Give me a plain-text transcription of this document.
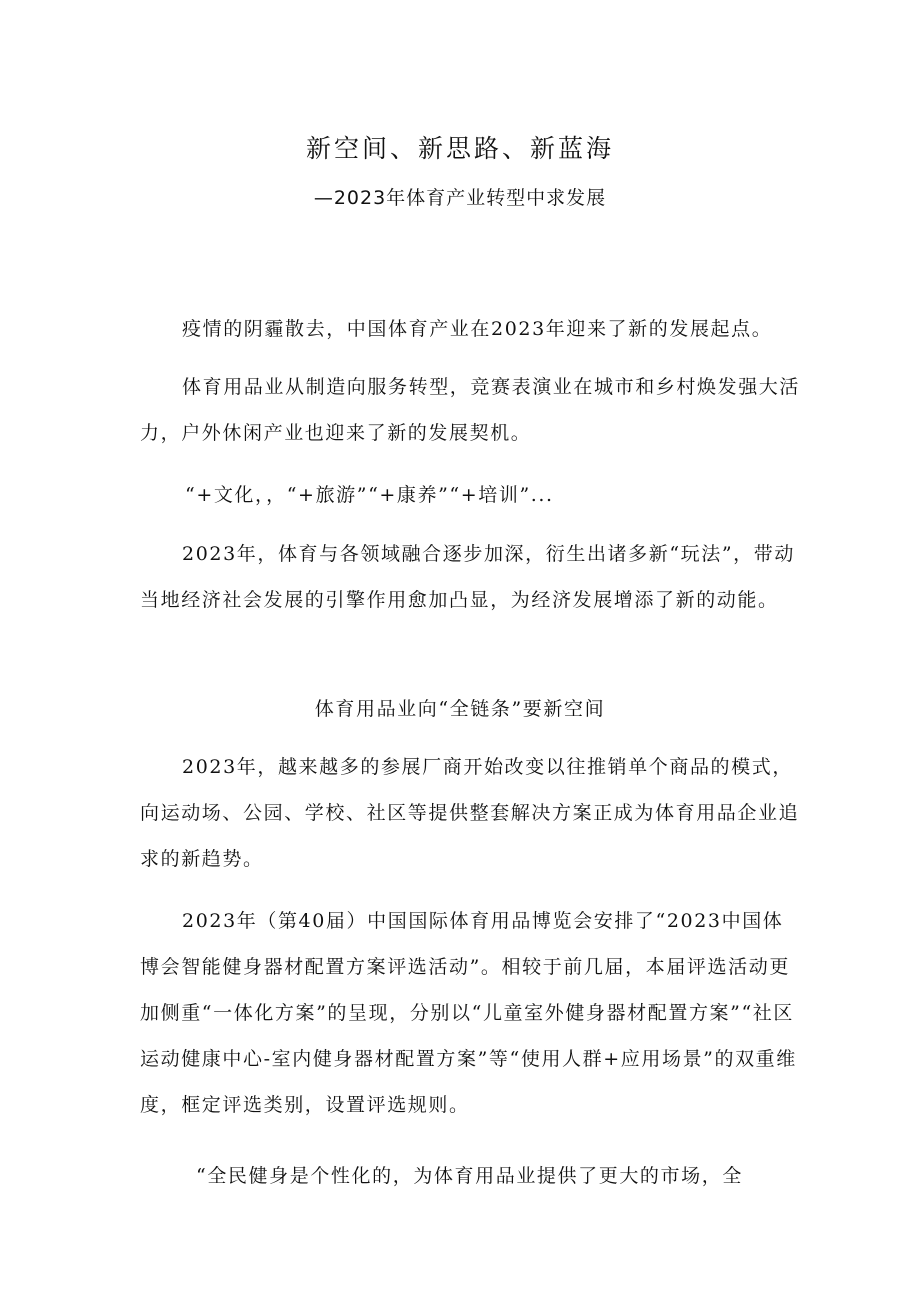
新空间、新思路、新蓝海
—2023年体育产业转型中求发展

疫情的阴霾散去，中国体育产业在2023年迎来了新的发展起点。

体育用品业从制造向服务转型，竞赛表演业在城市和乡村焕发强大活力，户外休闲产业也迎来了新的发展契机。

“+文化，，“+旅游”“+康养”“+培训”...

2023年，体育与各领域融合逐步加深，衍生出诸多新“玩法”，带动当地经济社会发展的引擎作用愈加凸显，为经济发展增添了新的动能。

体育用品业向“全链条”要新空间

2023年，越来越多的参展厂商开始改变以往推销单个商品的模式，向运动场、公园、学校、社区等提供整套解决方案正成为体育用品企业追求的新趋势。

2023年（第40届）中国国际体育用品博览会安排了“2023中国体博会智能健身器材配置方案评选活动”。相较于前几届，本届评选活动更加侧重“一体化方案”的呈现，分别以“儿童室外健身器材配置方案”“社区运动健康中心-室内健身器材配置方案”等“使用人群+应用场景”的双重维度，框定评选类别，设置评选规则。

“全民健身是个性化的，为体育用品业提供了更大的市场，全
